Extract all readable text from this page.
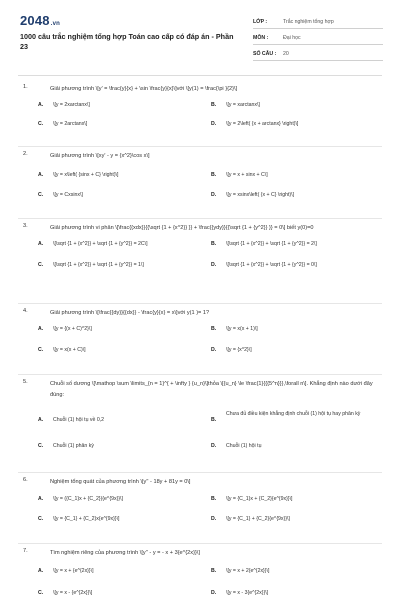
2048.vn
1000 câu trắc nghiệm tổng hợp Toán cao cấp có đáp án - Phần 23
LỚP :	Trắc nghiệm tổng hợp
MÔN :	Đại học
SỐ CÂU :	20
1.	Giải phương trình \[y' = \frac{y}{x} + \sin \frac{y}{x}\]với \[y(1) = \frac{\pi }{2}\]
A. \[y = 2xarctanx\]	B. \[y = xarctanx\]
C. \[y = 2arctanx\]	D. \[y = 2\left( {x + arctanx} \right)\]
2.	Giải phương trình \[xy' - y = {x^2}\cos x\]
A. \[y = x\left( {sinx + C} \right)\]	B. \[y = x + sinx + C\]
C. \[y = Cxsinx\]	D. \[y = xsinx\left( {x + C} \right)\]
3.	Giải phương trình vi phân \[\frac{{xdx}}{{\sqrt {1 + {x^2}} }} + \frac{{ydy}}{{\sqrt {1 + {y^2}} }} = 0\] biết y(0)=0
A. \[\sqrt {1 + {x^2}} + \sqrt {1 + {y^2}} = 2C\]	B. \[\sqrt {1 + {x^2}} + \sqrt {1 + {y^2}} = 2\]
C. \[\sqrt {1 + {x^2}} + \sqrt {1 + {y^2}} = 1\]	D. \[\sqrt {1 + {x^2}} + \sqrt {1 + {y^2}} = 0\]
4.	Giải phương trình \[\frac{{dy}}{{dx}} - \frac{y}{x} = x\]với y(1 )= 1?
A. \[y = {(x + C)^2}\]	B. \[y = x(x + 1)\]
C. \[y = x(x + C)\]	D. \[y = {x^2}\]
5.	Chuỗi số dương \[\mathop \sum \limits_{n = 1}^{ + \infty } {u_n}\]thỏa \[{u_n} \le \frac{1}{{{5^n}}},\forall n\]. Khẳng định nào dưới đây đúng:
A. Chuỗi (1) hội tụ về 0,2	B.
Chưa đủ điều kiện khẳng định chuỗi (1) hội tụ hay phân kỳ
C. Chuỗi (1) phân kỳ	D. Chuỗi (1) hội tụ
6.	Nghiệm tổng quát của phương trình \[y'' - 18y + 81y = 0\]
A. \[y = ({C_1}x + {C_2}){e^{9x}}\]	B. \[y = {C_1}x + {C_2}{e^{9x}}\]
C. \[y = {C_1} + {C_2}x{e^{9x}}\]	D. \[y = {C_1} + {C_2}{e^{9x}}\]
7.	Tìm nghiệm riêng của phương trình \[y'' - y = - x + 3{e^{2x}}\]
A. \[y = x + {e^{2x}}\]	B. \[y = x + 2{e^{2x}}\]
C. \[y = x - {e^{2x}}\]	D. \[y = x - 3{e^{2x}}\]
